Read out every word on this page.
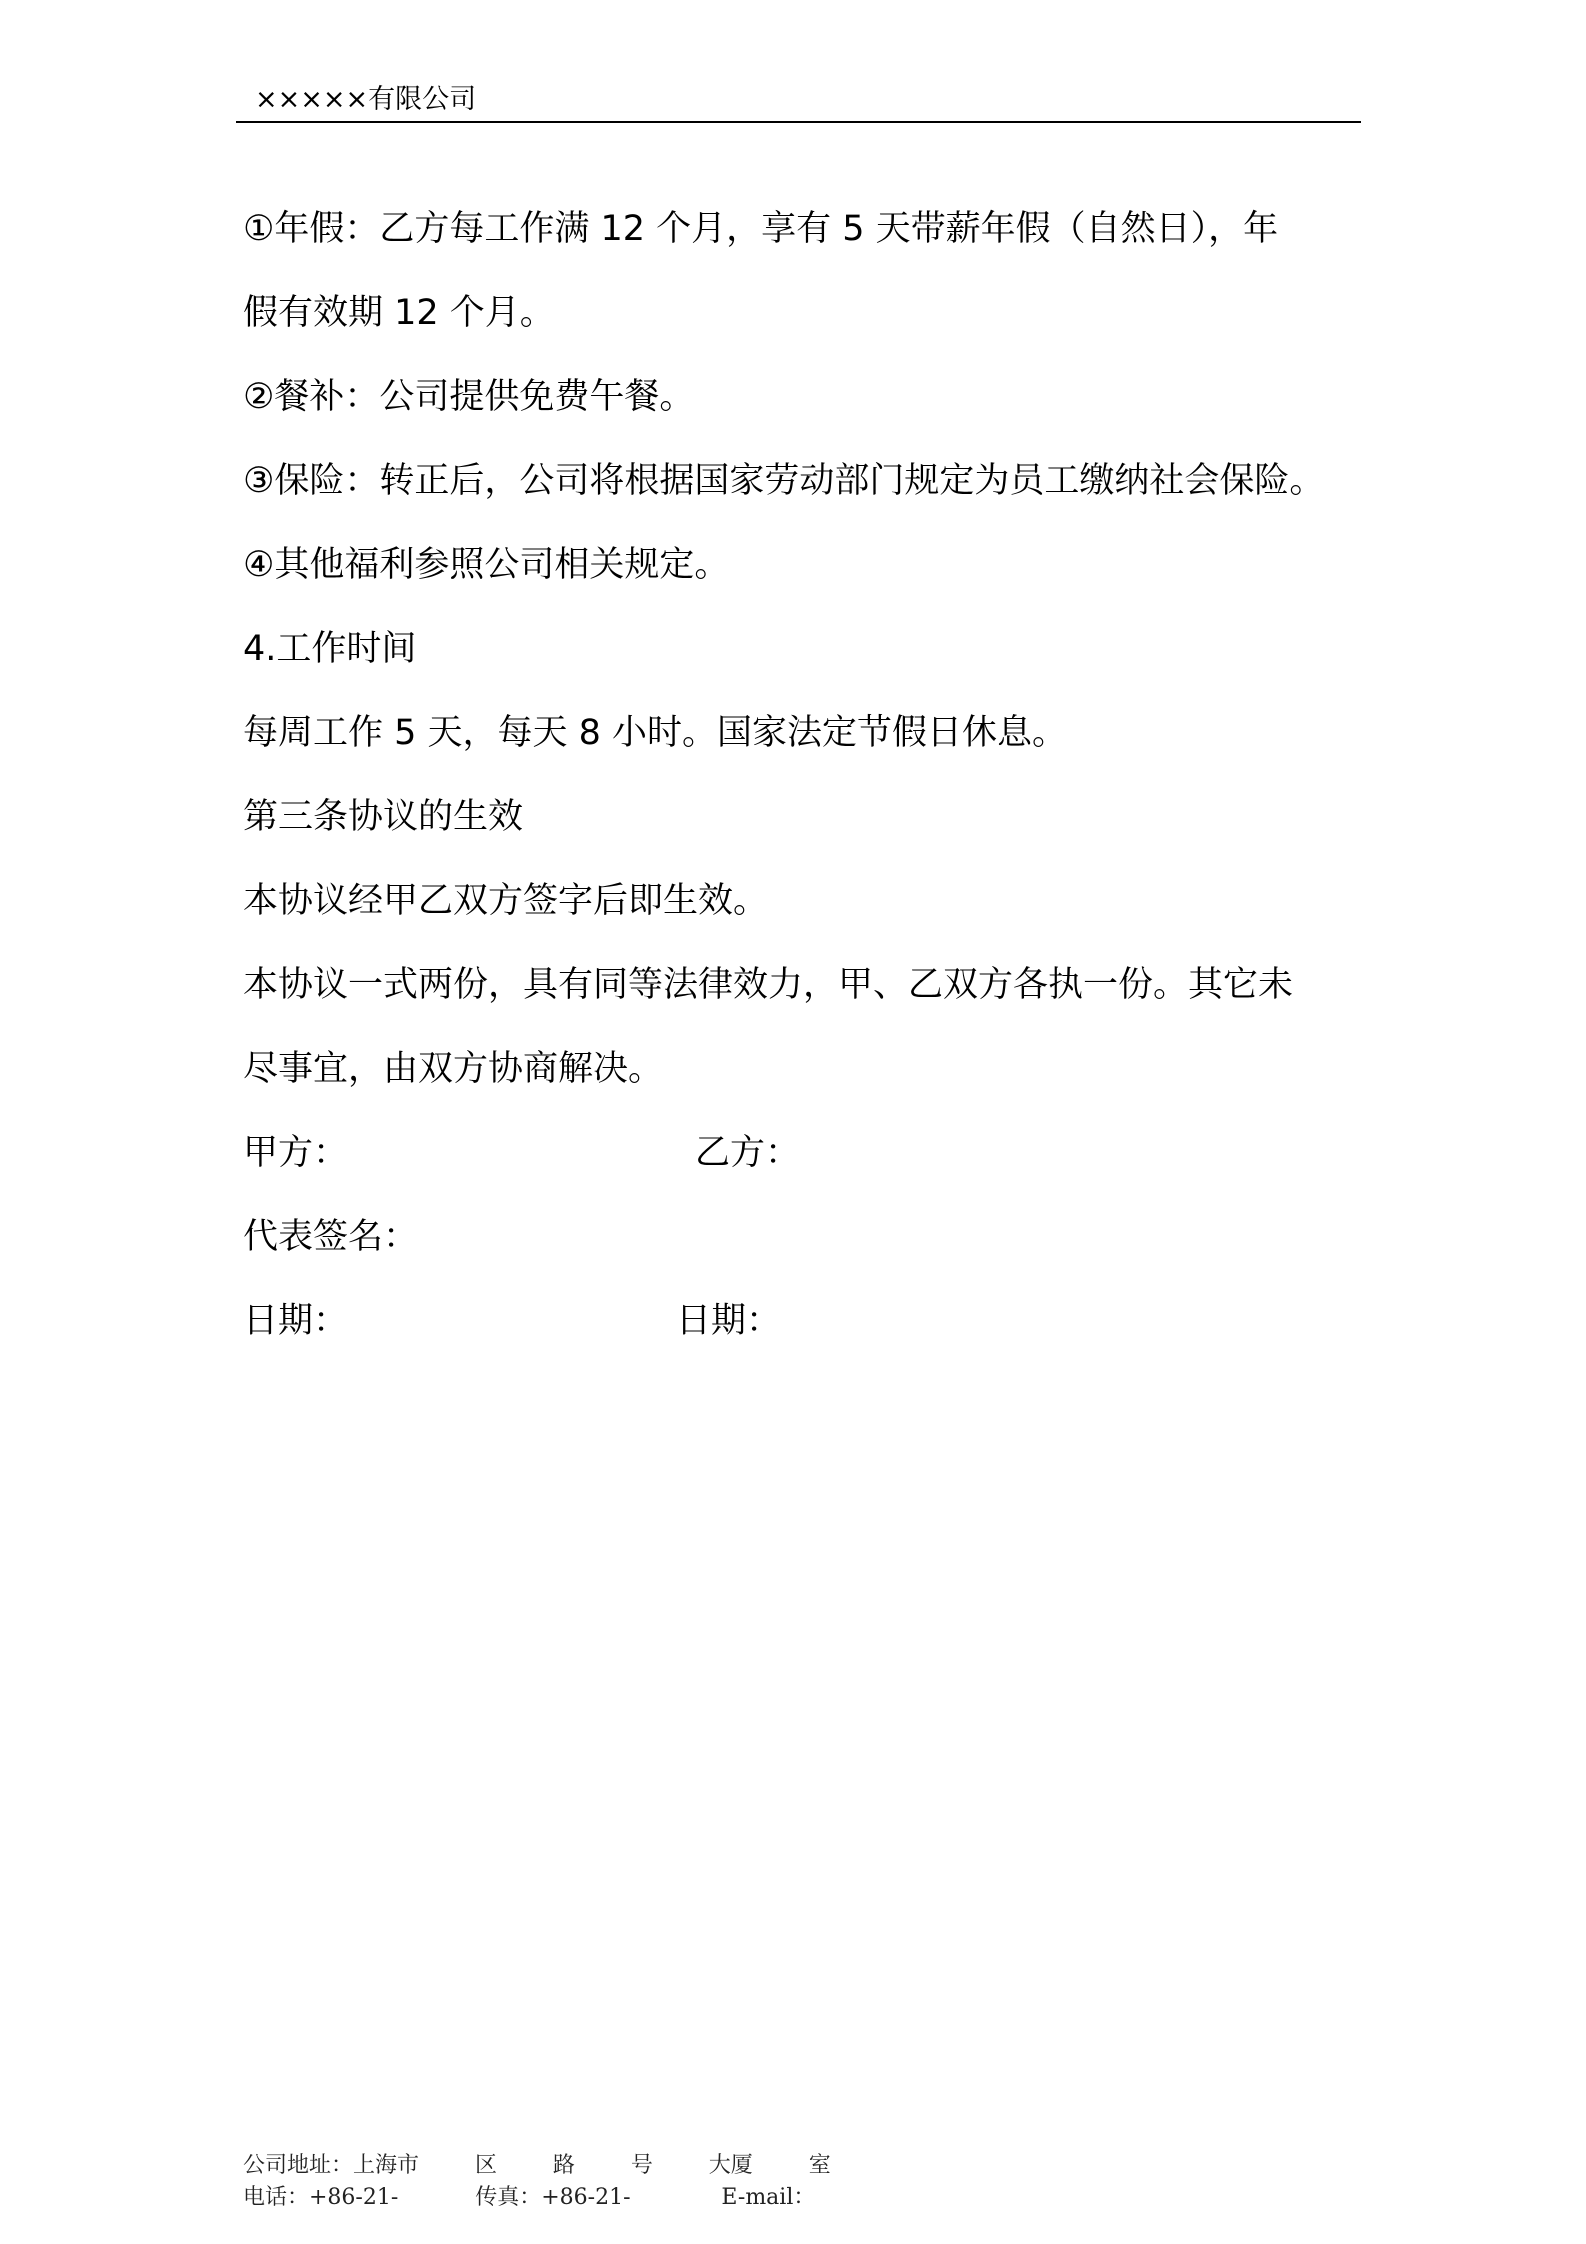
×××××有限公司
①年假：乙方每工作满 12 个月，享有 5 天带薪年假（自然日），年
假有效期 12 个月。
②餐补：公司提供免费午餐。
③保险：转正后，公司将根据国家劳动部门规定为员工缴纳社会保险。
④其他福利参照公司相关规定。
4.工作时间
每周工作 5 天，每天 8 小时。国家法定节假日休息。
第三条协议的生效
本协议经甲乙双方签字后即生效。
本协议一式两份，具有同等法律效力，甲、乙双方各执一份。其它未
尽事宜，由双方协商解决。
甲方：	乙方：
代表签名：
日期：	日期：
公司地址：上海市        区        路        号        大厦        室
电话：+86-21-           传真：+86-21-             E-mail：
